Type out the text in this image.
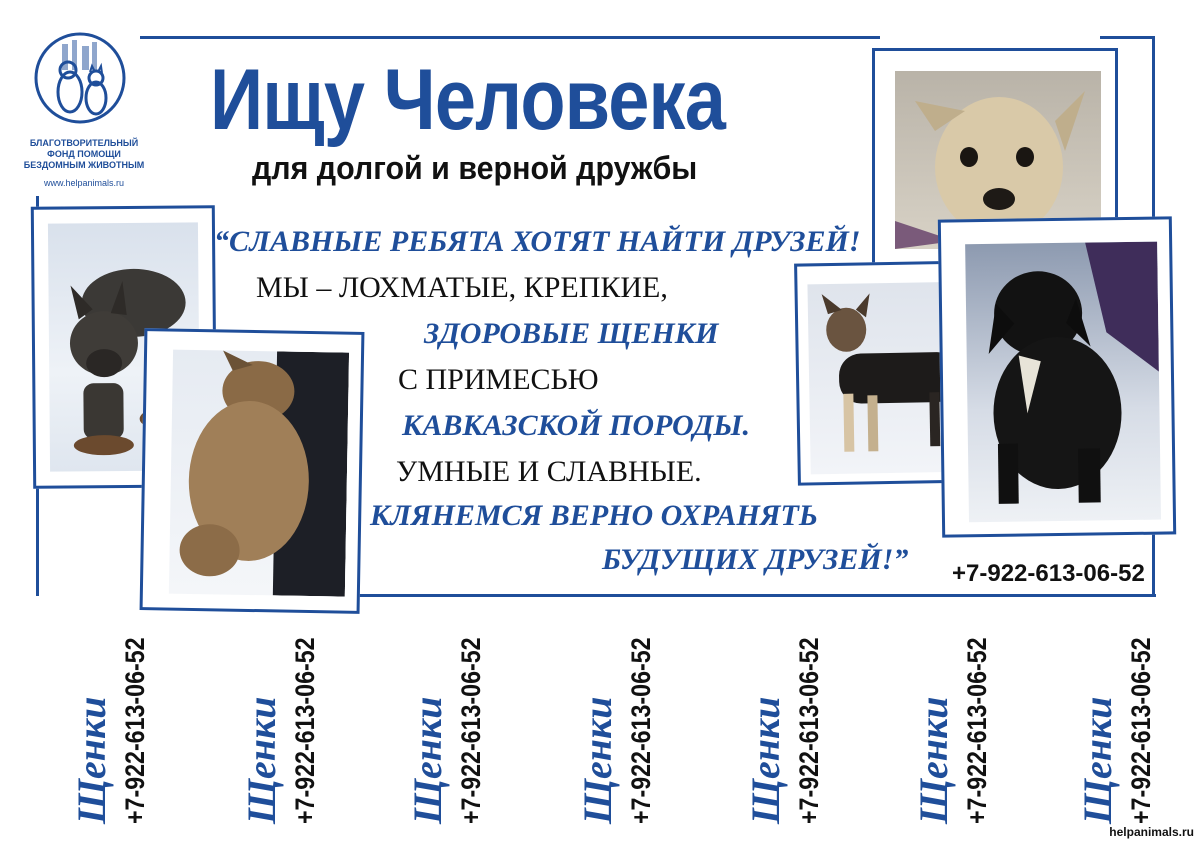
БЛАГОТВОРИТЕЛЬНЫЙ
ФОНД ПОМОЩИ
БЕЗДОМНЫМ ЖИВОТНЫМ
www.helpanimals.ru
Ищу Человека
для долгой и верной дружбы
“СЛАВНЫЕ РЕБЯТА ХОТЯТ НАЙТИ ДРУЗЕЙ!
МЫ – ЛОХМАТЫЕ, КРЕПКИЕ,
ЗДОРОВЫЕ ЩЕНКИ
С ПРИМЕСЬЮ
КАВКАЗСКОЙ ПОРОДЫ.
УМНЫЕ И СЛАВНЫЕ.
КЛЯНЕМСЯ ВЕРНО ОХРАНЯТЬ
БУДУЩИХ ДРУЗЕЙ!” +7-922-613-06-52
Щенки +7-922-613-06-52 Щенки +7-922-613-06-52 Щенки +7-922-613-06-52 Щенки +7-922-613-06-52 Щенки +7-922-613-06-52 Щенки +7-922-613-06-52 Щенки +7-922-613-06-52
helpanimals.ru
